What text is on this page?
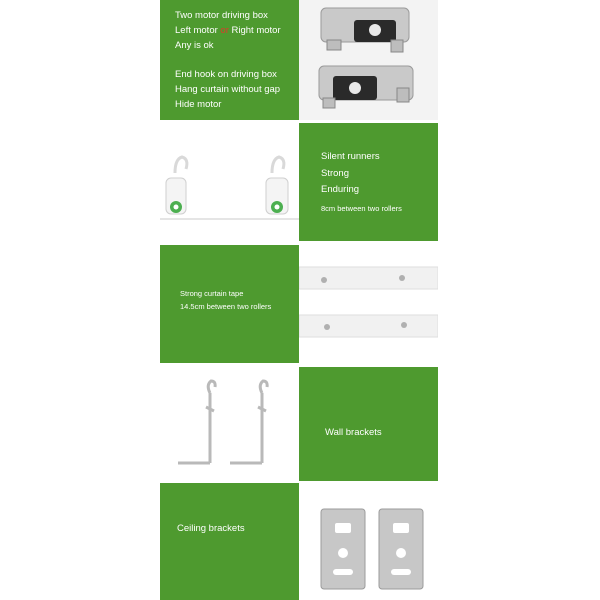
Two motor driving box
Left motor or Right motor
Any is ok
End hook on driving box
Hang curtain without gap
Hide motor
Silent runners
Strong
Enduring
8cm between two rollers
Strong curtain tape
14.5cm between two rollers
Wall brackets
Ceiling brackets
